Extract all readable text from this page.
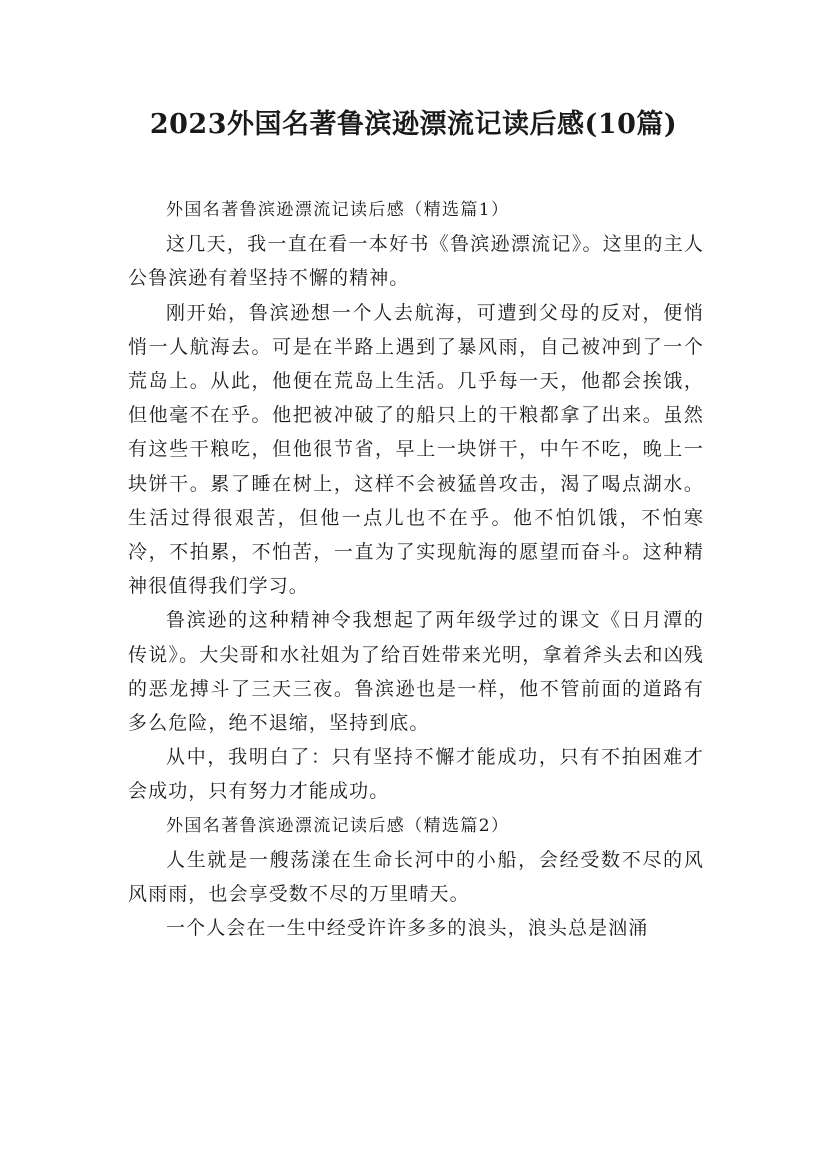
2023外国名著鲁滨逊漂流记读后感(10篇)

外国名著鲁滨逊漂流记读后感（精选篇1）

这几天，我一直在看一本好书《鲁滨逊漂流记》。这里的主人公鲁滨逊有着坚持不懈的精神。

刚开始，鲁滨逊想一个人去航海，可遭到父母的反对，便悄悄一人航海去。可是在半路上遇到了暴风雨，自己被冲到了一个荒岛上。从此，他便在荒岛上生活。几乎每一天，他都会挨饿，但他毫不在乎。他把被冲破了的船只上的干粮都拿了出来。虽然有这些干粮吃，但他很节省，早上一块饼干，中午不吃，晚上一块饼干。累了睡在树上，这样不会被猛兽攻击，渴了喝点湖水。生活过得很艰苦，但他一点儿也不在乎。他不怕饥饿，不怕寒冷，不拍累，不怕苦，一直为了实现航海的愿望而奋斗。这种精神很值得我们学习。

鲁滨逊的这种精神令我想起了两年级学过的课文《日月潭的传说》。大尖哥和水社姐为了给百姓带来光明，拿着斧头去和凶残的恶龙搏斗了三天三夜。鲁滨逊也是一样，他不管前面的道路有多么危险，绝不退缩，坚持到底。

从中，我明白了：只有坚持不懈才能成功，只有不拍困难才会成功，只有努力才能成功。

外国名著鲁滨逊漂流记读后感（精选篇2）

人生就是一艘荡漾在生命长河中的小船，会经受数不尽的风风雨雨，也会享受数不尽的万里晴天。

一个人会在一生中经受许许多多的浪头，浪头总是汹涌
